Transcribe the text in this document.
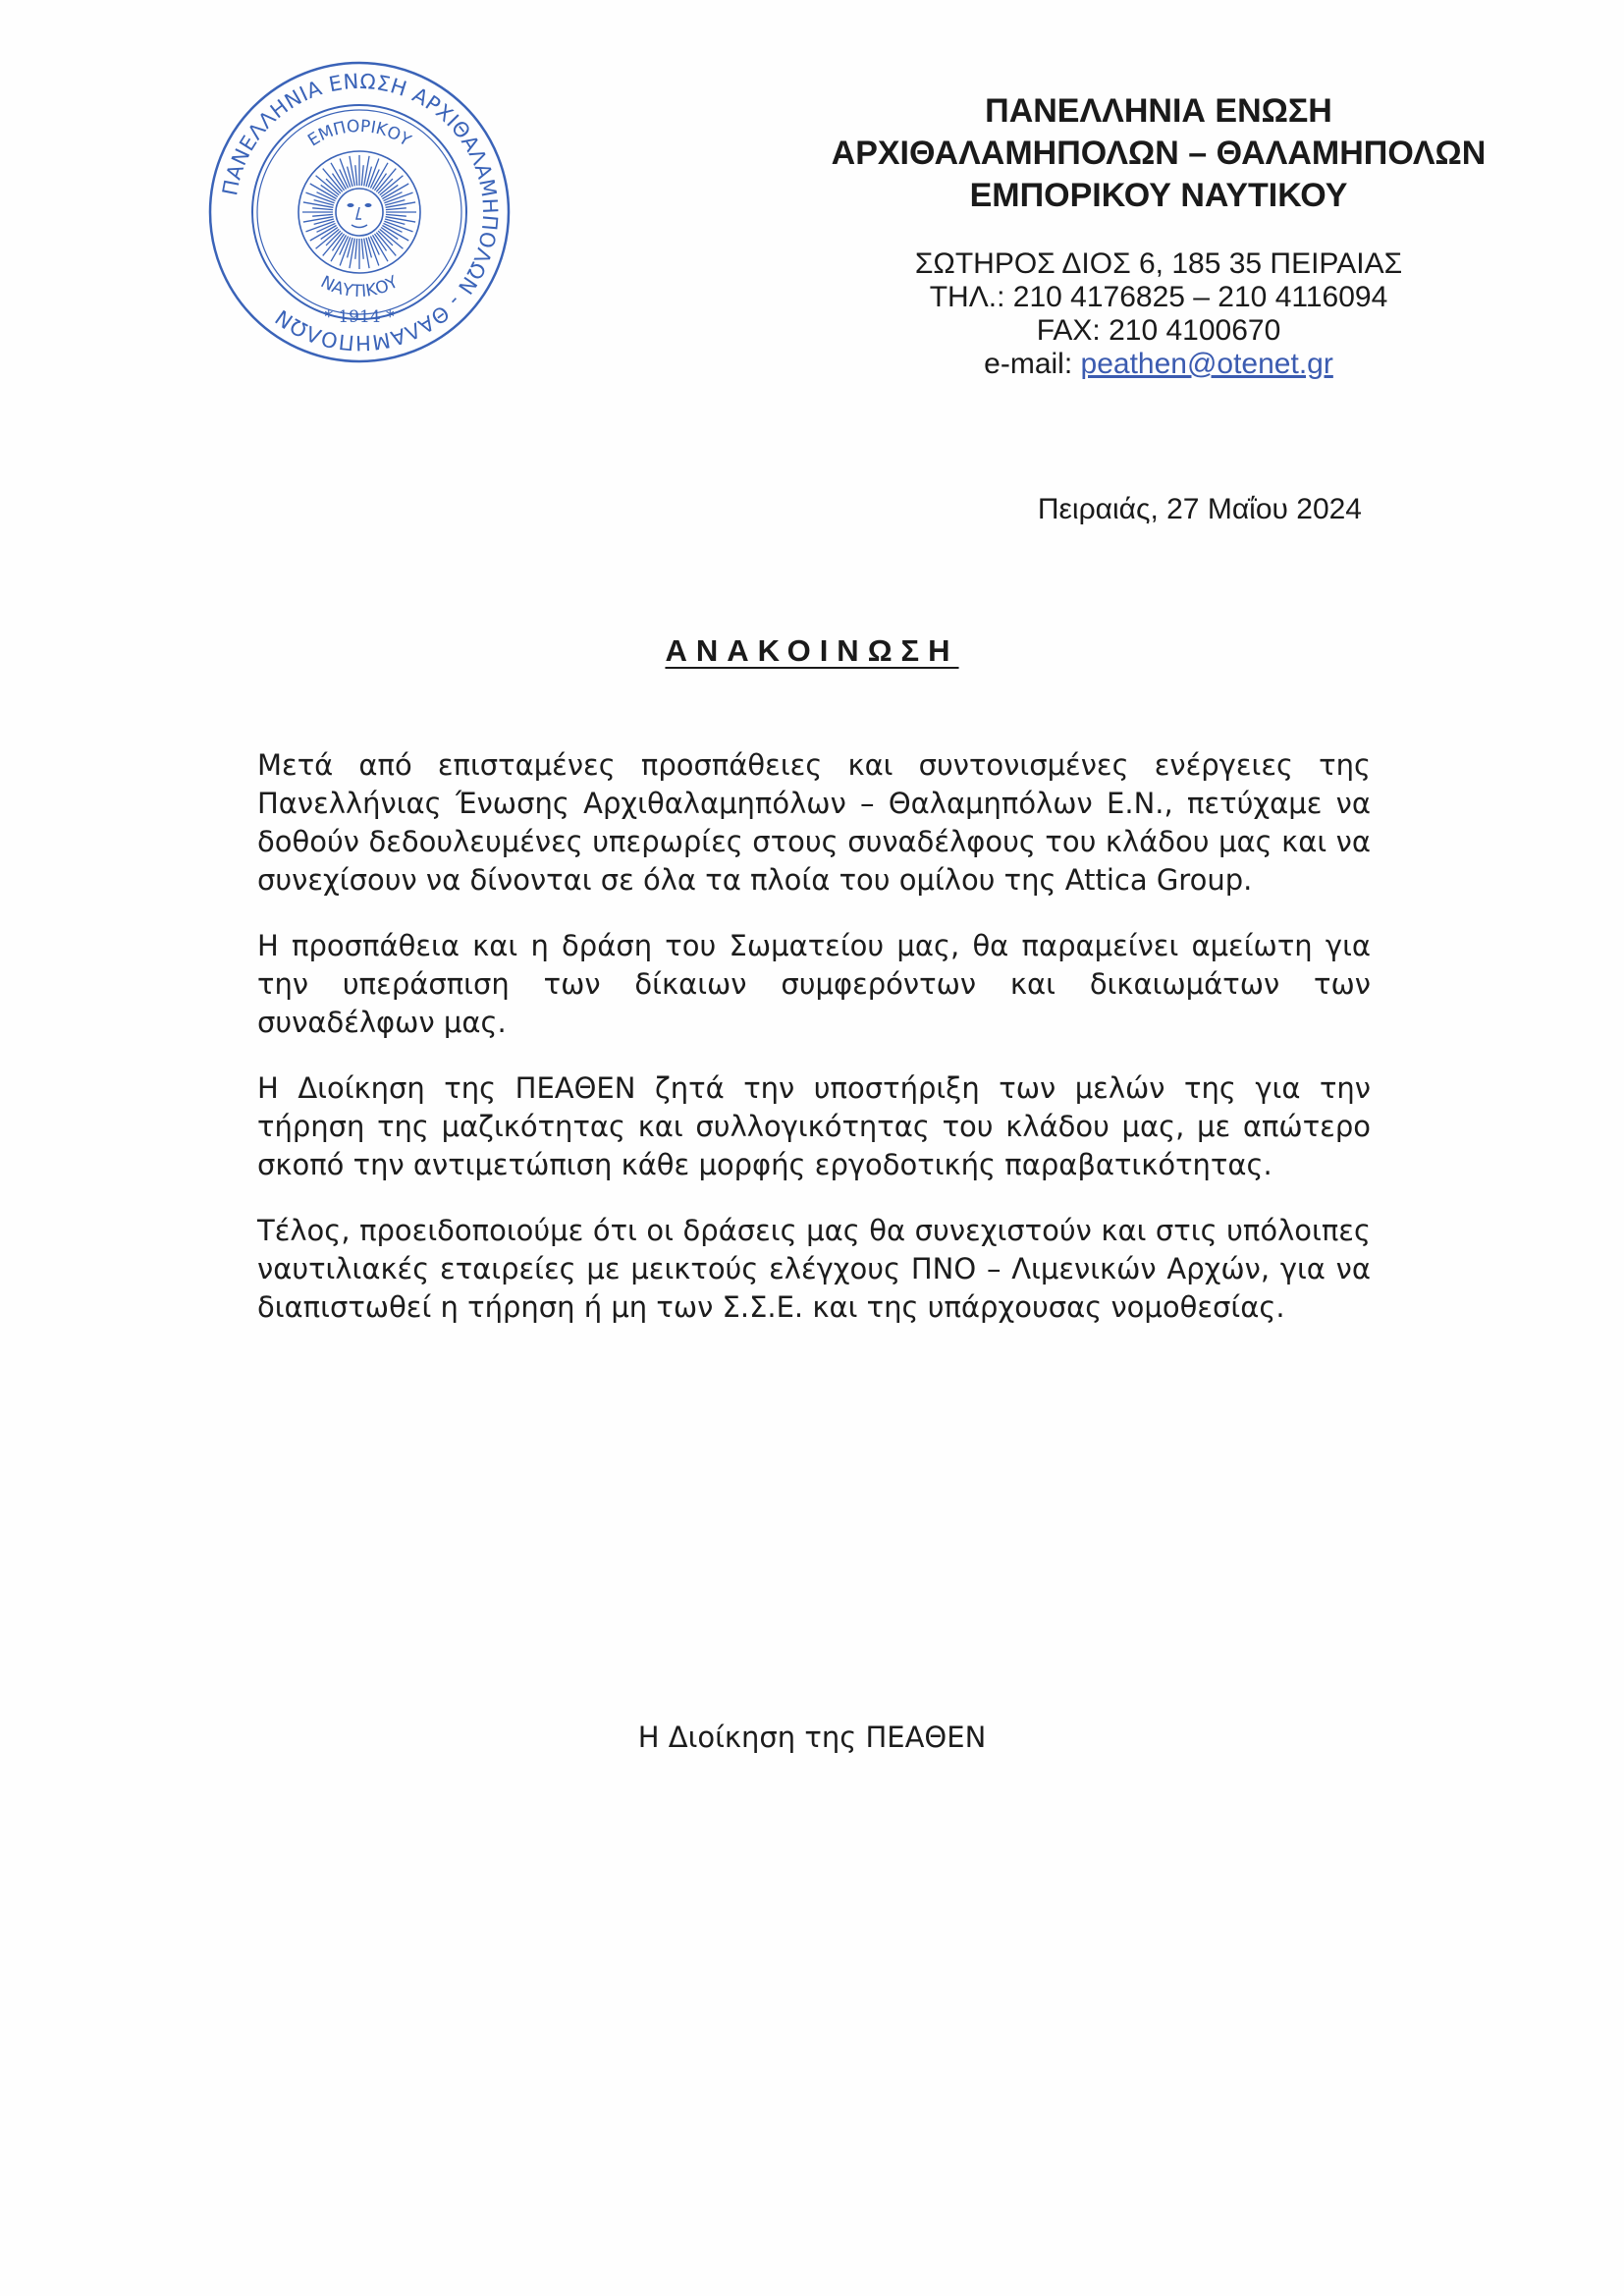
ΠΑΝΕΛΛΗΝΙΑ ΕΝΩΣΗ ΑΡΧΙΘΑΛΑΜΗΠΟΛΩΝ - ΘΑΛΑΜΗΠΟΛΩΝ
ΕΜΠΟΡΙΚΟΥ
ΝΑΥΤΙΚΟΥ
* 1914 *
ΠΑΝΕΛΛΗΝΙΑ ΕΝΩΣΗ
ΑΡΧΙΘΑΛΑΜΗΠΟΛΩΝ – ΘΑΛΑΜΗΠΟΛΩΝ
ΕΜΠΟΡΙΚΟΥ ΝΑΥΤΙΚΟΥ
ΣΩΤΗΡΟΣ ΔΙΟΣ 6, 185 35 ΠΕΙΡΑΙΑΣ
ΤΗΛ.: 210 4176825 – 210 4116094
FAX: 210 4100670
e-mail: peathen@otenet.gr
Πειραιάς, 27 Μαΐου 2024
ΑΝΑΚΟΙΝΩΣΗ

Μετά από επισταμένες προσπάθειες και συντονισμένες ενέργειες της Πανελλήνιας Ένωσης Αρχιθαλαμηπόλων – Θαλαμηπόλων Ε.Ν., πετύχαμε να δοθούν δεδουλευμένες υπερωρίες στους συναδέλφους του κλάδου μας και να συνεχίσουν να δίνονται σε όλα τα πλοία του ομίλου της Attica Group.

Η προσπάθεια και η δράση του Σωματείου μας, θα παραμείνει αμείωτη για την υπεράσπιση των δίκαιων συμφερόντων και δικαιωμάτων των συναδέλφων μας.

Η Διοίκηση της ΠΕΑΘΕΝ ζητά την υποστήριξη των μελών της για την τήρηση της μαζικότητας και συλλογικότητας του κλάδου μας, με απώτερο σκοπό την αντιμετώπιση κάθε μορφής εργοδοτικής παραβατικότητας.

Τέλος, προειδοποιούμε ότι οι δράσεις μας θα συνεχιστούν και στις υπόλοιπες ναυτιλιακές εταιρείες με μεικτούς ελέγχους ΠΝΟ – Λιμενικών Αρχών, για να διαπιστωθεί η τήρηση ή μη των Σ.Σ.Ε. και της υπάρχουσας νομοθεσίας.

Η Διοίκηση της ΠΕΑΘΕΝ
